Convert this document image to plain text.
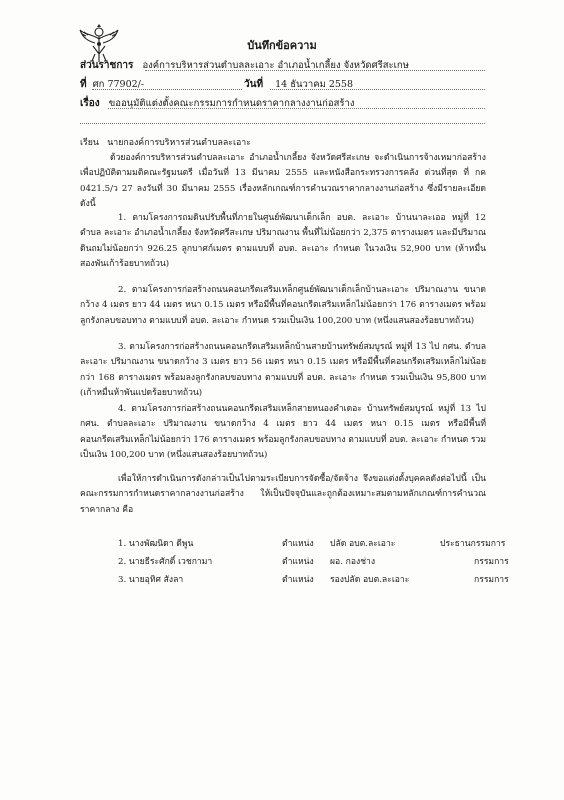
บันทึกข้อความ
ส่วนราชการ องค์การบริหารส่วนตำบลละเอาะ อำเภอน้ำเกลี้ยง จังหวัดศรีสะเกษ
ที่ ศก 77902/-	วันที่ 14 ธันวาคม 2558
เรื่อง ขออนุมัติแต่งตั้งคณะกรรมการกำหนดราคากลางงานก่อสร้าง
เรียน นายกองค์การบริหารส่วนตำบลละเอาะ
ด้วยองค์การบริหารส่วนตำบลละเอาะ อำเภอน้ำเกลี้ยง จังหวัดศรีสะเกษ จะดำเนินการจ้างเหมาก่อสร้าง เพื่อปฏิบัติตามมติคณะรัฐมนตรี เมื่อวันที่ 13 มีนาคม 2555 และหนังสือกระทรวงการคลัง ด่วนที่สุด ที่ กค 0421.5/ว 27 ลงวันที่ 30 มีนาคม 2555 เรื่องหลักเกณฑ์การคำนวณราคากลางงานก่อสร้าง ซึ่งมีรายละเอียดดังนี้
1. ตามโครงการถมดินปรับพื้นที่ภายในศูนย์พัฒนาเด็กเล็ก อบต. ละเอาะ บ้านนาละเออ หมู่ที่ 12 ตำบล ละเอาะ อำเภอน้ำเกลี้ยง จังหวัดศรีสะเกษ ปริมาณงาน พื้นที่ไม่น้อยกว่า 2,375 ตารางเมตร และมีปริมาณดินถมไม่น้อยกว่า 926.25 ลูกบาศก์เมตร ตามแบบที่ อบต. ละเอาะ กำหนด ในวงเงิน 52,900 บาท (ห้าหมื่นสองพันเก้าร้อยบาทถ้วน)
2. ตามโครงการก่อสร้างถนนคอนกรีตเสริมเหล็กศูนย์พัฒนาเด็กเล็กบ้านละเอาะ ปริมาณงาน ขนาดกว้าง 4 เมตร ยาว 44 เมตร หนา 0.15 เมตร หรือมีพื้นที่คอนกรีตเสริมเหล็กไม่น้อยกว่า 176 ตารางเมตร พร้อมลูกรังกลบขอบทาง ตามแบบที่ อบต. ละเอาะ กำหนด รวมเป็นเงิน 100,200 บาท (หนึ่งแสนสองร้อยบาทถ้วน)
3. ตามโครงการก่อสร้างถนนคอนกรีตเสริมเหล็กบ้านสายบ้านทรัพย์สมบูรณ์ หมู่ที่ 13 ไป กศน. ตำบล ละเอาะ ปริมาณงาน ขนาดกว้าง 3 เมตร ยาว 56 เมตร หนา 0.15 เมตร หรือมีพื้นที่คอนกรีตเสริมเหล็กไม่น้อยกว่า 168 ตารางเมตร พร้อมลงลูกรังกลบขอบทาง ตามแบบที่ อบต. ละเอาะ กำหนด รวมเป็นเงิน 95,800 บาท (เก้าหมื่นห้าพันแปดร้อยบาทถ้วน)
4. ตามโครงการก่อสร้างถนนคอนกรีตเสริมเหล็กสายหนองคำเดอะ บ้านทรัพย์สมบูรณ์ หมู่ที่ 13 ไป กศน. ตำบลละเอาะ ปริมาณงาน ขนาดกว้าง 4 เมตร ยาว 44 เมตร หนา 0.15 เมตร หรือมีพื้นที่คอนกรีตเสริมเหล็กไม่น้อยกว่า 176 ตารางเมตร พร้อมลูกรังกลบขอบทาง ตามแบบที่ อบต. ละเอาะ กำหนด รวมเป็นเงิน 100,200 บาท (หนึ่งแสนสองร้อยบาทถ้วน)
เพื่อให้การดำเนินการดังกล่าวเป็นไปตามระเบียบการจัดซื้อ/จัดจ้าง จึงขอแต่งตั้งบุคคลดังต่อไปนี้ เป็นคณะกรรมการกำหนดราคากลางงานก่อสร้าง ให้เป็นปัจจุบันและถูกต้องเหมาะสมตามหลักเกณฑ์การคำนวณราคากลาง คือ
1. นางพัฒนิดา ดีพูน	ตำแหน่ง ปลัด อบต.ละเอาะ	ประธานกรรมการ
2. นายธีระศักดิ์ เวชกามา	ตำแหน่ง ผอ. กองช่าง	กรรมการ
3. นายอุทิศ สังลา	ตำแหน่ง รองปลัด อบต.ละเอาะ	กรรมการ
